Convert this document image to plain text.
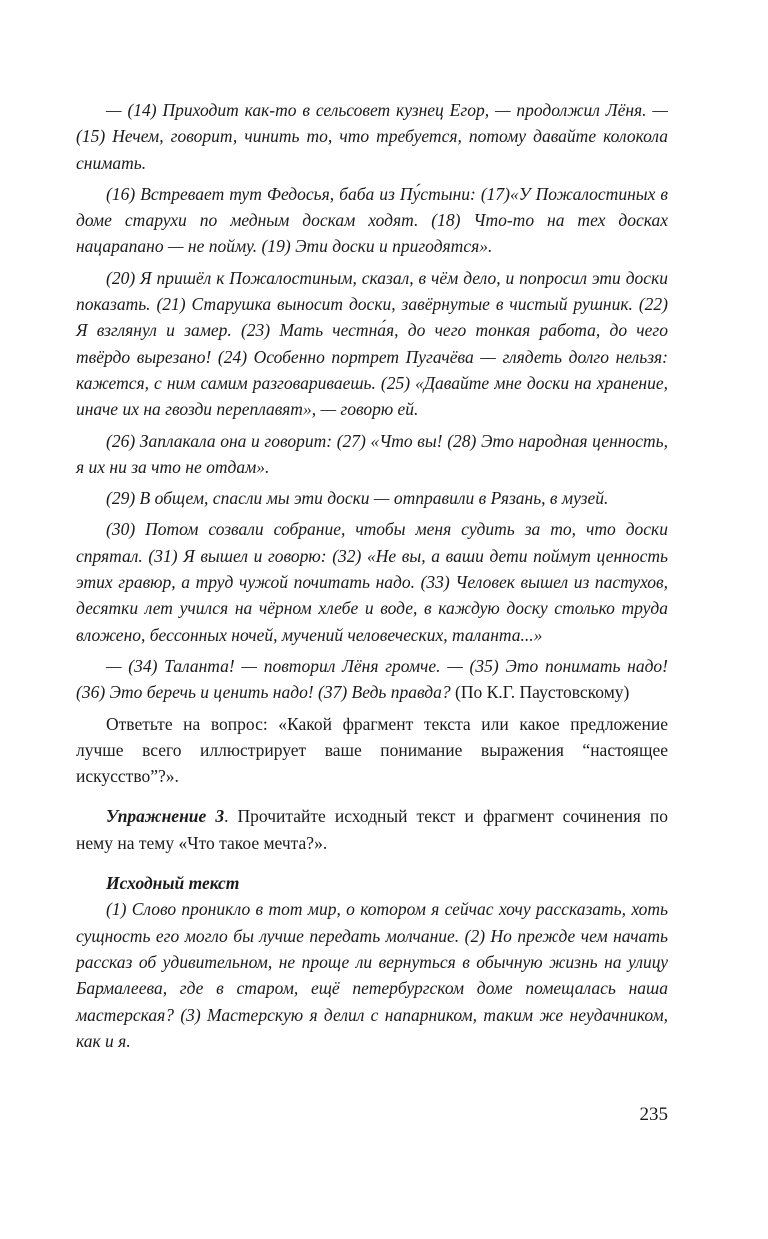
— (14) Приходит как-то в сельсовет кузнец Егор, — продолжил Лёня. — (15) Нечем, говорит, чинить то, что требуется, потому давайте колокола снимать.

(16) Встревает тут Федосья, баба из Пу́стыни: (17)«У Пожалостиных в доме старухи по медным доскам ходят. (18) Что-то на тех досках нацарапано — не пойму. (19) Эти доски и пригодятся».

(20) Я пришёл к Пожалостиным, сказал, в чём дело, и попросил эти доски показать. (21) Старушка выносит доски, завёрнутые в чистый рушник. (22) Я взглянул и замер. (23) Мать честна́я, до чего тонкая работа, до чего твёрдо вырезано! (24) Особенно портрет Пугачёва — глядеть долго нельзя: кажется, с ним самим разговариваешь. (25) «Давайте мне доски на хранение, иначе их на гвозди переплавят», — говорю ей.

(26) Заплакала она и говорит: (27) «Что вы! (28) Это народная ценность, я их ни за что не отдам».

(29) В общем, спасли мы эти доски — отправили в Рязань, в музей.

(30) Потом созвали собрание, чтобы меня судить за то, что доски спрятал. (31) Я вышел и говорю: (32) «Не вы, а ваши дети поймут ценность этих гравюр, а труд чужой почитать надо. (33) Человек вышел из пастухов, десятки лет учился на чёрном хлебе и воде, в каждую доску столько труда вложено, бессонных ночей, мучений человеческих, таланта...»

— (34) Таланта! — повторил Лёня громче. — (35) Это понимать надо! (36) Это беречь и ценить надо! (37) Ведь правда? (По К.Г. Паустовскому)

Ответьте на вопрос: «Какой фрагмент текста или какое предложение лучше всего иллюстрирует ваше понимание выражения “настоящее искусство”?».

Упражнение 3. Прочитайте исходный текст и фрагмент сочинения по нему на тему «Что такое мечта?».

Исходный текст

(1) Слово проникло в тот мир, о котором я сейчас хочу рассказать, хоть сущность его могло бы лучше передать молчание. (2) Но прежде чем начать рассказ об удивительном, не проще ли вернуться в обычную жизнь на улицу Бармалеева, где в старом, ещё петербургском доме помещалась наша мастерская? (3) Мастерскую я делил с напарником, таким же неудачником, как и я.

235
